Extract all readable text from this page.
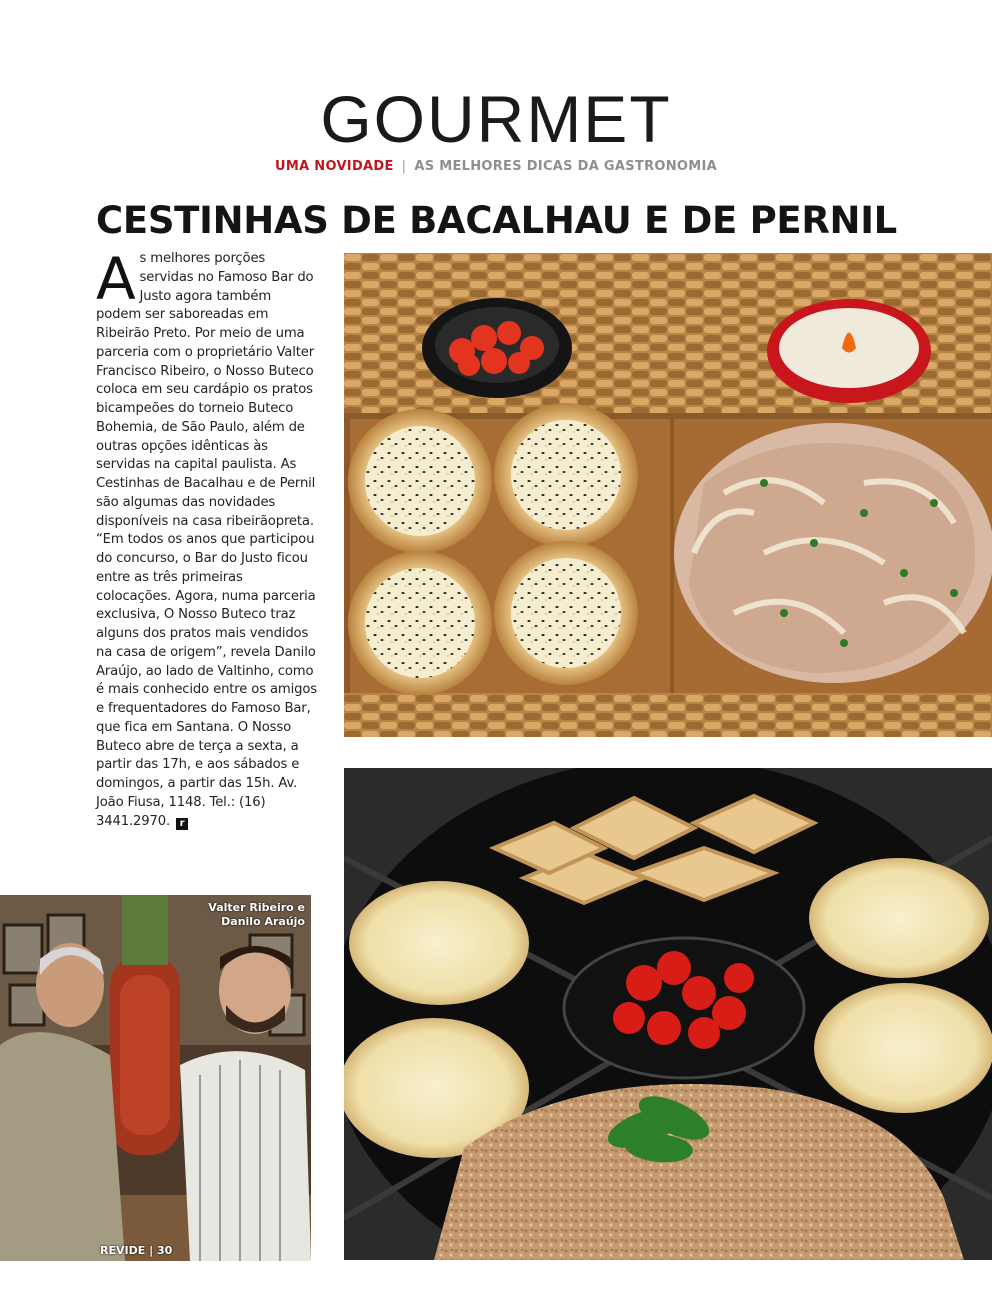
GOURMET
UMA NOVIDADE | AS MELHORES DICAS DA GASTRONOMIA
CESTINHAS DE BACALHAU E DE PERNIL
As melhores porções servidas no Famoso Bar do Justo agora também podem ser saboreadas em Ribeirão Preto. Por meio de uma parceria com o proprietário Valter Francisco Ribeiro, o Nosso Buteco coloca em seu cardápio os pratos bicampeões do torneio Buteco Bohemia, de São Paulo, além de outras opções idênticas às servidas na capital paulista. As Cestinhas de Bacalhau e de Pernil são algumas das novidades disponíveis na casa ribeirãopreta. “Em todos os anos que participou do concurso, o Bar do Justo ficou entre as três primeiras colocações. Agora, numa parceria exclusiva, O Nosso Buteco traz alguns dos pratos mais vendidos na casa de origem”, revela Danilo Araújo, ao lado de Valtinho, como é mais conhecido entre os amigos e frequentadores do Famoso Bar, que fica em Santana. O Nosso Buteco abre de terça a sexta, a partir das 17h, e aos sábados e domingos, a partir das 15h. Av. João Fiusa, 1148. Tel.: (16) 3441.2970. r
Valter Ribeiro e
Danilo Araújo
REVIDE | 30
